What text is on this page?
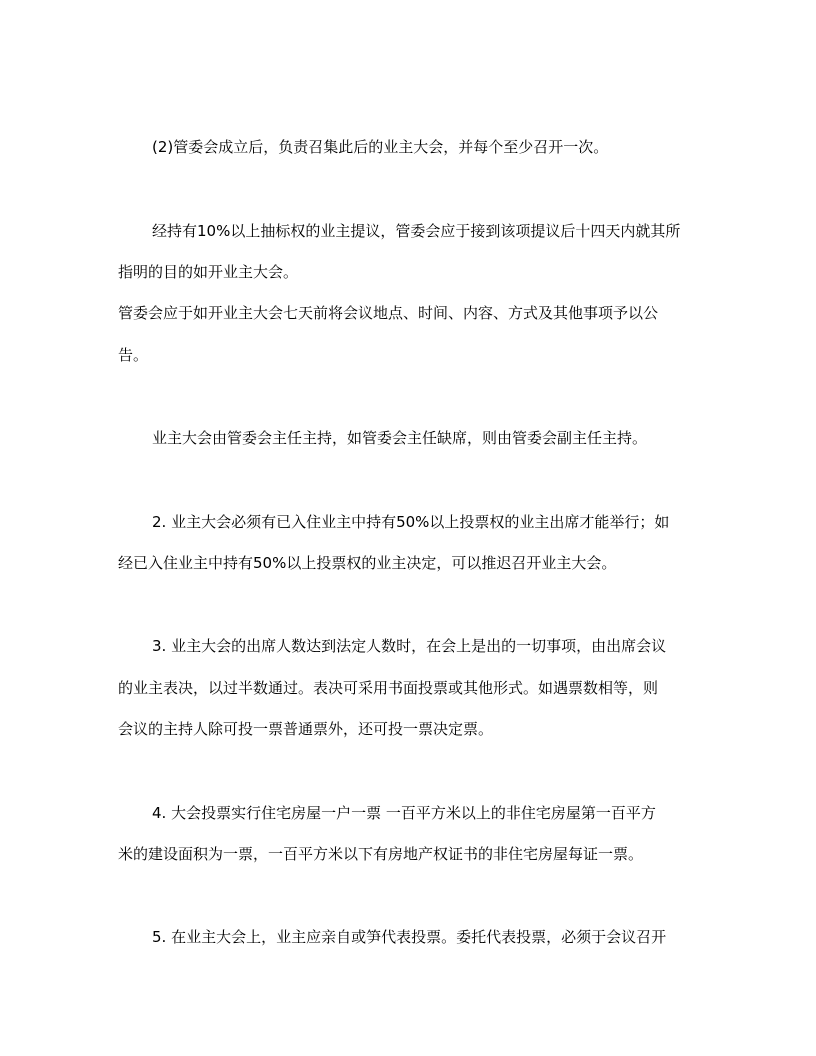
(2)管委会成立后，负责召集此后的业主大会，并每个至少召开一次。
经持有10%以上抽标权的业主提议，管委会应于接到该项提议后十四天内就其所
指明的目的如开业主大会。
管委会应于如开业主大会七天前将会议地点、时间、内容、方式及其他事项予以公
告。
业主大会由管委会主任主持，如管委会主任缺席，则由管委会副主任主持。
2. 业主大会必须有已入住业主中持有50%以上投票权的业主出席才能举行；如
经已入住业主中持有50%以上投票权的业主决定，可以推迟召开业主大会。
3. 业主大会的出席人数达到法定人数时，在会上是出的一切事项，由出席会议
的业主表决，以过半数通过。表决可采用书面投票或其他形式。如遇票数相等，则
会议的主持人除可投一票普通票外，还可投一票决定票。
4. 大会投票实行住宅房屋一户一票 一百平方米以上的非住宅房屋第一百平方
米的建设面积为一票，一百平方米以下有房地产权证书的非住宅房屋每证一票。
5. 在业主大会上，业主应亲自或笋代表投票。委托代表投票，必须于会议召开
